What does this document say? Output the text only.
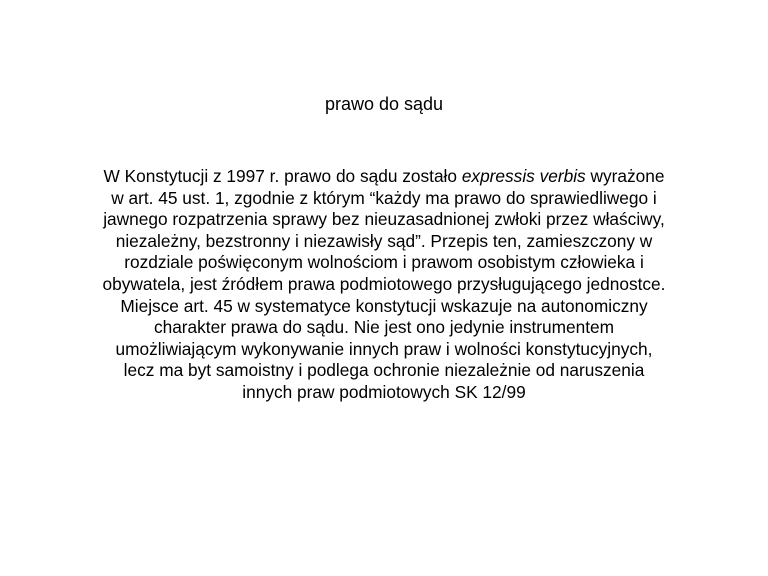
prawo do sądu
W Konstytucji z 1997 r. prawo do sądu zostało expressis verbis wyrażone w art. 45 ust. 1, zgodnie z którym “każdy ma prawo do sprawiedliwego i jawnego rozpatrzenia sprawy bez nieuzasadnionej zwłoki przez właściwy, niezależny, bezstronny i niezawisły sąd”. Przepis ten, zamieszczony w rozdziale poświęconym wolnościom i prawom osobistym człowieka i obywatela, jest źródłem prawa podmiotowego przysługującego jednostce. Miejsce art. 45 w systematyce konstytucji wskazuje na autonomiczny charakter prawa do sądu. Nie jest ono jedynie instrumentem umożliwiającym wykonywanie innych praw i wolności konstytucyjnych, lecz ma byt samoistny i podlega ochronie niezależnie od naruszenia innych praw podmiotowych SK 12/99
